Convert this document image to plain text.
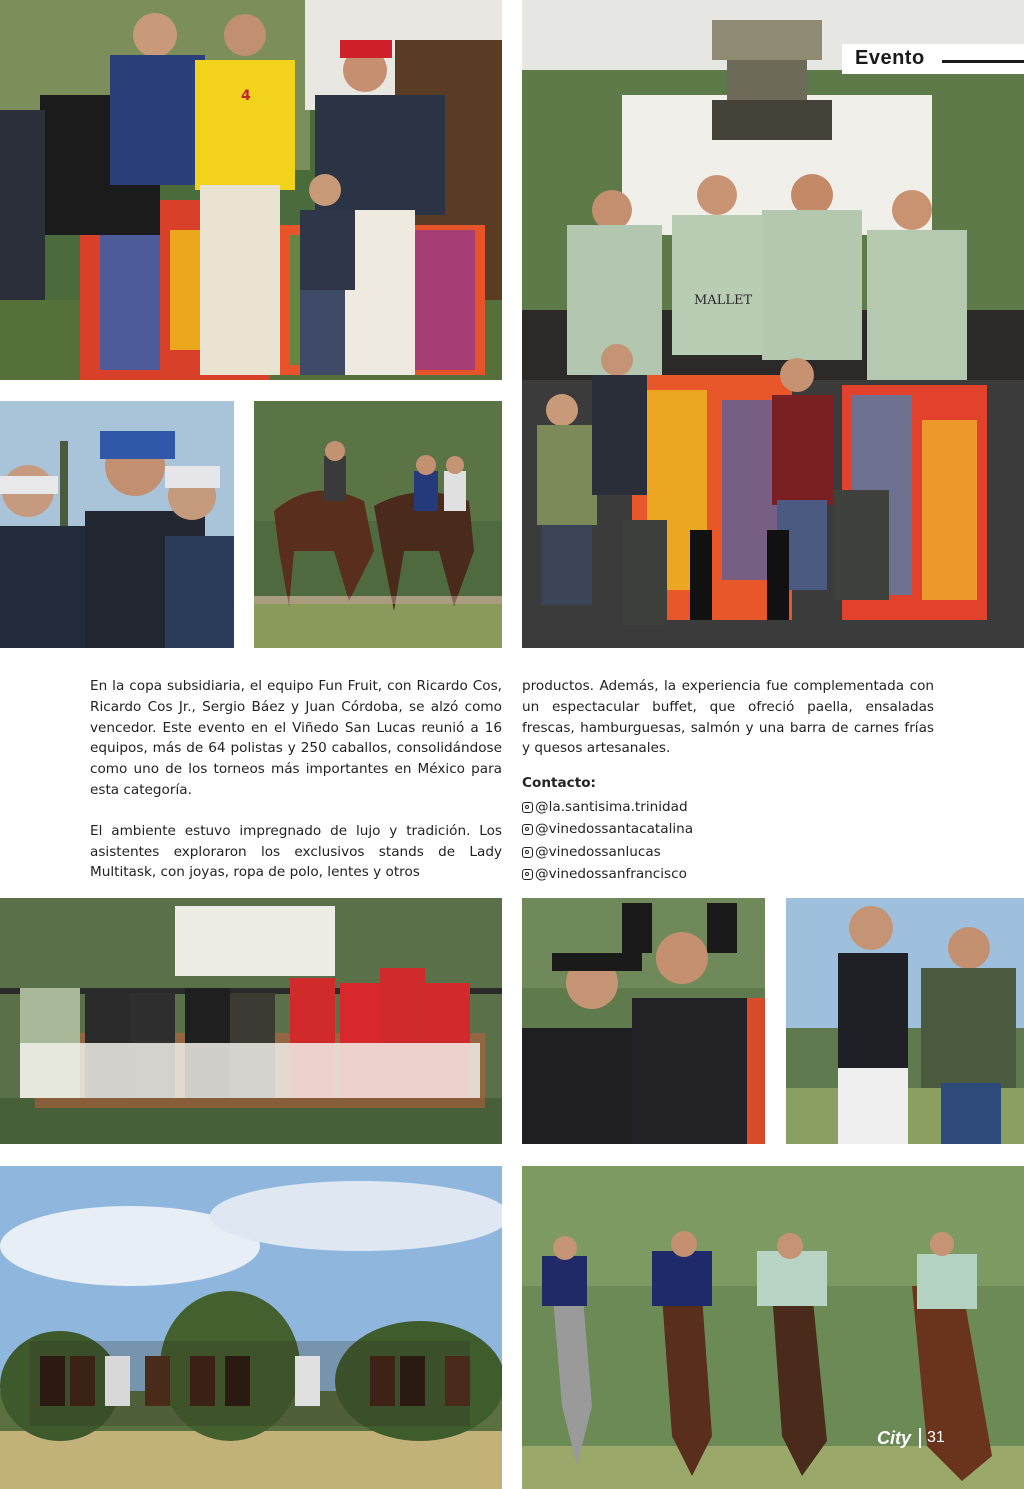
4
MALLET
Evento

En la copa subsidiaria, el equipo Fun Fruit, con Ricardo Cos, Ricardo Cos Jr., Sergio Báez y Juan Córdoba, se alzó como vencedor. Este evento en el Viñedo San Lucas reunió a 16 equipos, más de 64 polistas y 250 caballos, consolidándose como uno de los torneos más importantes en México para esta categoría.

El ambiente estuvo impregnado de lujo y tradición. Los asistentes exploraron los exclusivos stands de Lady Multitask, con joyas, ropa de polo, lentes y otros

productos. Además, la experiencia fue complementada con un espectacular buffet, que ofreció paella, ensaladas frescas, hamburguesas, salmón y una barra de carnes frías y quesos artesanales.

Contacto:
@la.santisima.trinidad
@vinedossantacatalina
@vinedossanlucas
@vinedossanfrancisco
City 31
